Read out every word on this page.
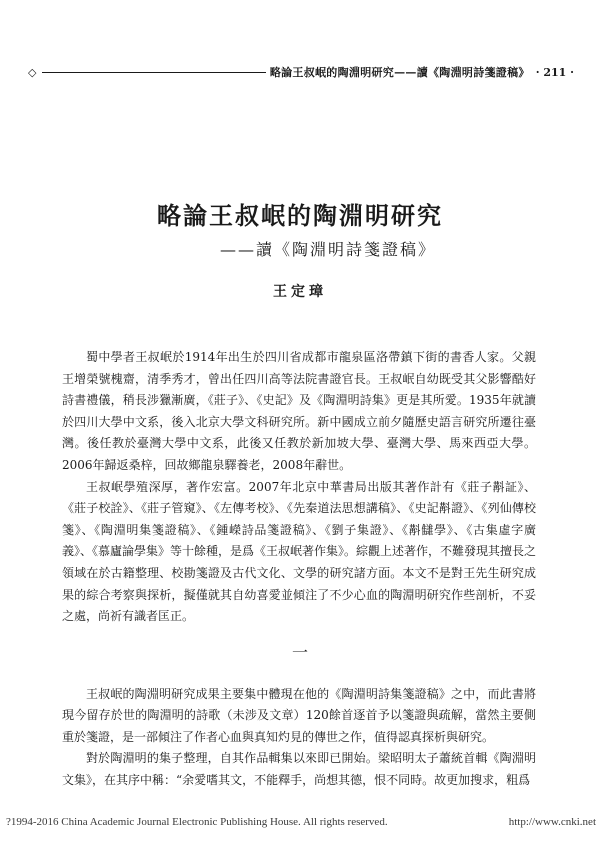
◇	略論王叔岷的陶淵明研究——讀《陶淵明詩箋證稿》 · 211 ·
略論王叔岷的陶淵明研究
——讀《陶淵明詩箋證稿》
王定璋

蜀中學者王叔岷於1914年出生於四川省成都市龍泉區洛帶鎮下街的書香人家。父親王增榮號槐齋，清季秀才，曾出任四川高等法院書證官長。王叔岷自幼既受其父影響酷好詩書禮儀，稍長涉獵漸廣，《莊子》、《史記》及《陶淵明詩集》更是其所愛。1935年就讀於四川大學中文系，後入北京大學文科研究所。新中國成立前夕隨歷史語言研究所遷往臺灣。後任教於臺灣大學中文系，此後又任教於新加坡大學、臺灣大學、馬來西亞大學。2006年歸返桑梓，回故鄉龍泉驛養老，2008年辭世。

王叔岷學殖深厚，著作宏富。2007年北京中華書局出版其著作計有《莊子斠証》、《莊子校詮》、《莊子管窺》、《左傳考校》、《先秦道法思想講稿》、《史記斠證》、《列仙傳校箋》、《陶淵明集箋證稿》、《鍾嶸詩品箋證稿》、《劉子集證》、《斠讎學》、《古集虛字廣義》、《慕廬論學集》等十餘種，是爲《王叔岷著作集》。綜觀上述著作，不難發現其擅長之領域在於古籍整理、校勘箋證及古代文化、文學的研究諸方面。本文不是對王先生研究成果的綜合考察與探析，擬僅就其自幼喜愛並傾注了不少心血的陶淵明研究作些剖析，不妥之處，尚祈有識者匡正。

一

王叔岷的陶淵明研究成果主要集中體現在他的《陶淵明詩集箋證稿》之中，而此書將現今留存於世的陶淵明的詩歌（未涉及文章）120餘首逐首予以箋證與疏解，當然主要側重於箋證，是一部傾注了作者心血與真知灼見的傳世之作，值得認真探析與研究。

對於陶淵明的集子整理，自其作品輯集以來即已開始。梁昭明太子蕭統首輯《陶淵明文集》，在其序中稱：“余愛嗜其文，不能釋手，尚想其德，恨不同時。故更加搜求，粗爲

?1994-2016 China Academic Journal Electronic Publishing House. All rights reserved.	http://www.cnki.net
